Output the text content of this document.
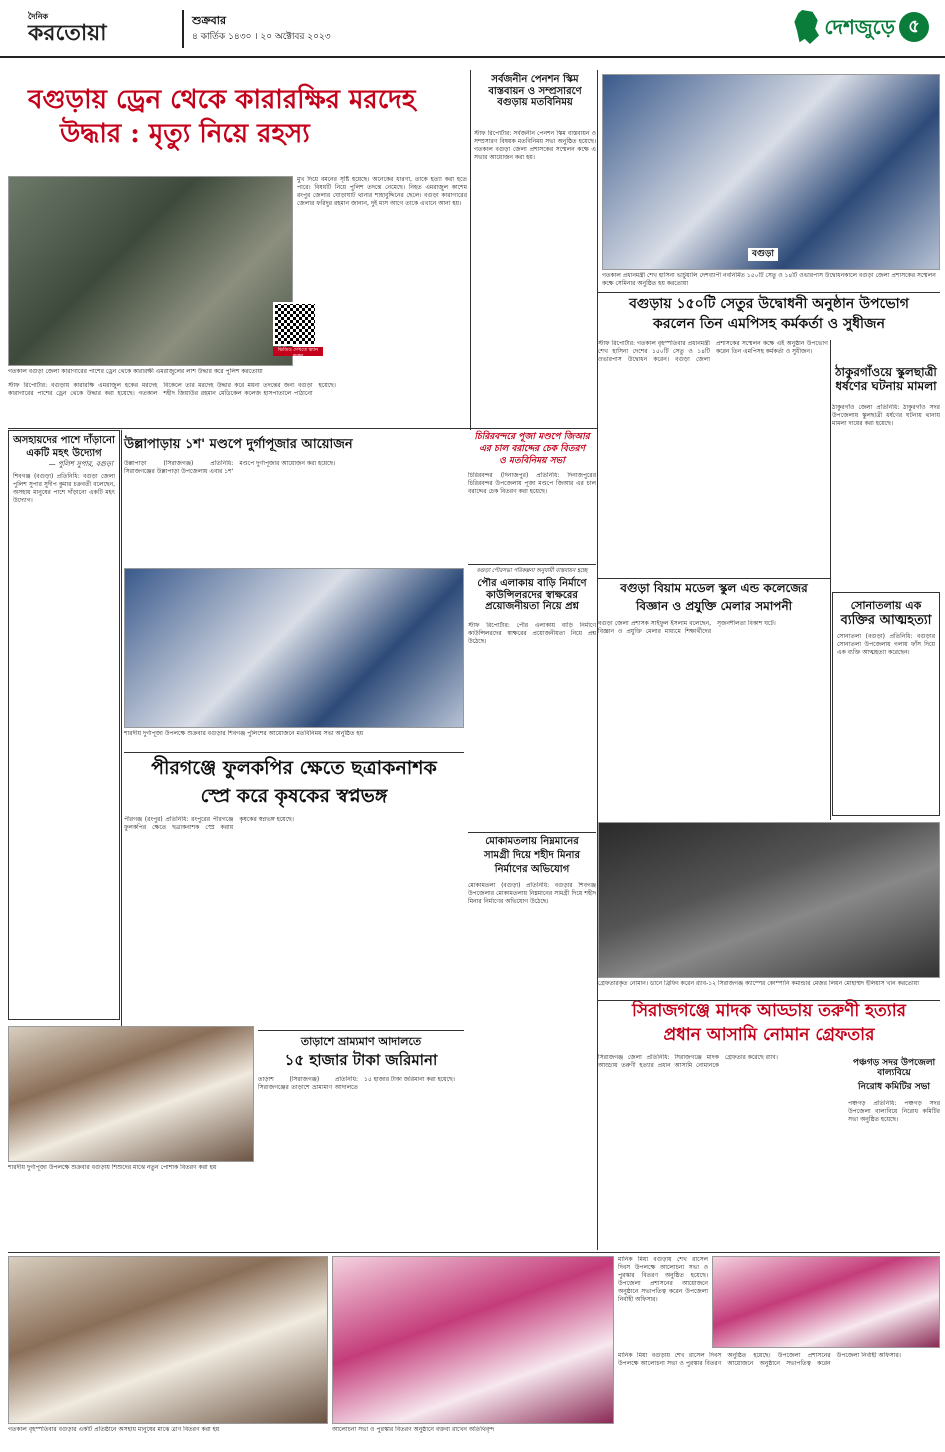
দৈনিক
করতোয়া	শুক্রবার
৪ কার্তিক ১৪৩০ । ২০ অক্টোবর ২০২৩	দেশজুড়ে ৫
বগুড়ায় ড্রেন থেকে কারারক্ষির মরদেহ
উদ্ধার : মৃত্যু নিয়ে রহস্য
ভিডিও দেখতে স্ক্যান করুন
গতকাল বগুড়া জেলা কারাগারের পাশের ড্রেন থেকে কারারক্ষী এমরাজুলের লাশ উদ্ধার করে পুলিশ করতোয়া
মুখ দিয়ে বমনের সৃষ্টি হয়েছে। অনেকের ধারণা, তাকে হত্যা করা হতে পারে। বিষয়টি নিয়ে পুলিশ তদন্তে নেমেছে। নিহত এমরাজুল কাশেম রংপুর জেলার ঘোড়াঘাট থানার শাহাবুদ্দিনের ছেলে। বগুড়া কারাগারের জেলার ফরিদুর রহমান জানান, দুই মাস আগে তাকে এখানে আনা হয়।
স্টাফ রিপোর্টার: বগুড়ায় কারারক্ষি এমরাজুল হকের মরদেহ কারাগারের পাশের ড্রেন থেকে উদ্ধার করা হয়েছে। গতকাল বিকেলে তার মরদেহ উদ্ধার করে ময়না তদন্তের জন্য বগুড়া শহীদ জিয়াউর রহমান মেডিকেল কলেজ হাসপাতালে পাঠানো হয়েছে।
সর্বজনীন পেনশন স্কিম বাস্তবায়ন ও সম্প্রসারণে বগুড়ায় মতবিনিময়
স্টাফ রিপোর্টার: সর্বজনীন পেনশন স্কিম বাস্তবায়ন ও সম্প্রসারণ বিষয়ক মতবিনিময় সভা অনুষ্ঠিত হয়েছে। গতকাল বগুড়া জেলা প্রশাসকের সম্মেলন কক্ষে এ সভার আয়োজন করা হয়।
বগুড়া
গতকাল প্রধানমন্ত্রী শেখ হাসিনা ভার্চুয়ালি দেশব্যাপী নবনির্মিত ১৫০টি সেতু ও ১৪টি ওভারপাস উদ্বোধনকালে বগুড়া জেলা প্রশাসকের সম্মেলন কক্ষে সেমিনার অনুষ্ঠিত হয় করতোয়া
বগুড়ায় ১৫০টি সেতুর উদ্বোধনী অনুষ্ঠান উপভোগ
করলেন তিন এমপিসহ কর্মকর্তা ও সুধীজন
স্টাফ রিপোর্টার: গতকাল বৃহস্পতিবার প্রধানমন্ত্রী শেখ হাসিনা দেশের ১৫০টি সেতু ও ১৪টি ওভারপাস উদ্বোধন করেন। বগুড়া জেলা প্রশাসকের সম্মেলন কক্ষে এই অনুষ্ঠান উপভোগ করেন তিন এমপিসহ কর্মকর্তা ও সুধীজন।
ঠাকুরগাঁওয়ে স্কুলছাত্রী ধর্ষণের ঘটনায় মামলা
ঠাকুরগাঁও জেলা প্রতিনিধি: ঠাকুরগাঁও সদর উপজেলায় স্কুলছাত্রী ধর্ষণের ঘটনায় থানায় মামলা দায়ের করা হয়েছে।
সোনাতলায় এক
ব্যক্তির আত্মহত্যা
সোনাতলা (বগুড়া) প্রতিনিধি: বগুড়ার সোনাতলা উপজেলায় গলায় ফাঁস দিয়ে এক ব্যক্তি আত্মহত্যা করেছেন।
অসহায়দের পাশে দাঁড়ানো
একটি মহৎ উদ্যোগ
— পুলিশ সুপার, বগুড়া
শিবগঞ্জ (বগুড়া) প্রতিনিধি: বগুড়া জেলা পুলিশ সুপার সুদীপ কুমার চক্রবর্তী বলেছেন, অসহায় মানুষের পাশে দাঁড়ানো একটি মহৎ উদ্যোগ।
উল্লাপাড়ায় ১শ' মণ্ডপে দুর্গাপূজার আয়োজন
উল্লাপাড়া (সিরাজগঞ্জ) প্রতিনিধি: সিরাজগঞ্জের উল্লাপাড়া উপজেলায় এবার ১শ' মণ্ডপে দুর্গাপূজার আয়োজন করা হয়েছে।
চিরিরবন্দরে পূজা মণ্ডপে জিআর
এর চাল বরাদ্দের চেক বিতরণ
ও মতবিনিময় সভা
চিরিরবন্দর (দিনাজপুর) প্রতিনিধি: দিনাজপুরের চিরিরবন্দর উপজেলায় পূজা মণ্ডপে জিআর এর চাল বরাদ্দের চেক বিতরণ করা হয়েছে।
বগুড়া পৌরসভা পরিকল্পনা অনুযায়ী বাস্তবায়ন হচ্ছে
পৌর এলাকায় বাড়ি নির্মাণে কাউন্সিলরদের স্বাক্ষরের প্রয়োজনীয়তা নিয়ে প্রশ্ন
স্টাফ রিপোর্টার: পৌর এলাকায় বাড়ি নির্মাণে কাউন্সিলরদের স্বাক্ষরের প্রয়োজনীয়তা নিয়ে প্রশ্ন উঠেছে।
বগুড়া বিয়াম মডেল স্কুল এন্ড কলেজের
বিজ্ঞান ও প্রযুক্তি মেলার সমাপনী
বগুড়া জেলা প্রশাসক সাইফুল ইসলাম বলেছেন, বিজ্ঞান ও প্রযুক্তি মেলার মাধ্যমে শিক্ষার্থীদের সৃজনশীলতা বিকাশ ঘটে।
শারদীয় দুর্গাপূজা উপলক্ষে শুক্রবার বগুড়ার শিবগঞ্জ পুলিশের আয়োজনে মতবিনিময় সভা অনুষ্ঠিত হয়
পীরগঞ্জে ফুলকপির ক্ষেতে ছত্রাকনাশক
স্প্রে করে কৃষকের স্বপ্নভঙ্গ
পীরগঞ্জ (রংপুর) প্রতিনিধি: রংপুরের পীরগঞ্জে ফুলকপির ক্ষেতে ছত্রাকনাশক স্প্রে করায় কৃষকের স্বপ্নভঙ্গ হয়েছে।
গ্রেফতারকৃত নোমান। ডানে ব্রিফিং করেন র‌্যাব-১২ সিরাজগঞ্জ ক্যাম্পের কোম্পানি কমান্ডার মেজর লিয়ন মোহাম্মদ ইলিয়াস খান করতোয়া
মোকামতলায় নিম্নমানের
সামগ্রী দিয়ে শহীদ মিনার
নির্মাণের অভিযোগ
মোকামতলা (বগুড়া) প্রতিনিধি: বগুড়ার শিবগঞ্জ উপজেলার মোকামতলায় নিম্নমানের সামগ্রী দিয়ে শহীদ মিনার নির্মাণের অভিযোগ উঠেছে।
সিরাজগঞ্জে মাদক আড্ডায় তরুণী হত্যার
প্রধান আসামি নোমান গ্রেফতার
সিরাজগঞ্জ জেলা প্রতিনিধি: সিরাজগঞ্জে মাদক আড্ডায় তরুণী হত্যার প্রধান আসামি নোমানকে গ্রেফতার করেছে র‌্যাব।
পঞ্চগড় সদর উপজেলা বাল্যবিয়ে
নিরোধ কমিটির সভা
পঞ্চগড় প্রতিনিধি: পঞ্চগড় সদর উপজেলা বাল্যবিয়ে নিরোধ কমিটির সভা অনুষ্ঠিত হয়েছে।
তাড়াশে ভ্রাম্যমাণ আদালতে
১৫ হাজার টাকা জরিমানা
তাড়াশ (সিরাজগঞ্জ) প্রতিনিধি: সিরাজগঞ্জের তাড়াশে ভ্রাম্যমাণ আদালতে ১৫ হাজার টাকা জরিমানা করা হয়েছে।
শারদীয় দুর্গাপূজা উপলক্ষে শুক্রবার বগুড়ায় শিশুদের মাঝে নতুন পোশাক বিতরণ করা হয়
গতকাল বৃহস্পতিবার বগুড়ার একটি প্রতিষ্ঠানে অসহায় মানুষের মাঝে ত্রাণ বিতরণ করা হয়	আলোচনা সভা ও পুরস্কার বিতরণ অনুষ্ঠানে বক্তব্য রাখেন অতিথিবৃন্দ
মানিক মিয়া বগুড়ায় শেখ রাসেল দিবস উপলক্ষে আলোচনা সভা ও পুরস্কার বিতরণ অনুষ্ঠিত হয়েছে। উপজেলা প্রশাসনের আয়োজনে অনুষ্ঠানে সভাপতিত্ব করেন উপজেলা নির্বাহী অফিসার।
মানিক মিয়া বগুড়ায় শেখ রাসেল দিবস উপলক্ষে আলোচনা সভা ও পুরস্কার বিতরণ অনুষ্ঠিত হয়েছে। উপজেলা প্রশাসনের আয়োজনে অনুষ্ঠানে সভাপতিত্ব করেন উপজেলা নির্বাহী অফিসার।
